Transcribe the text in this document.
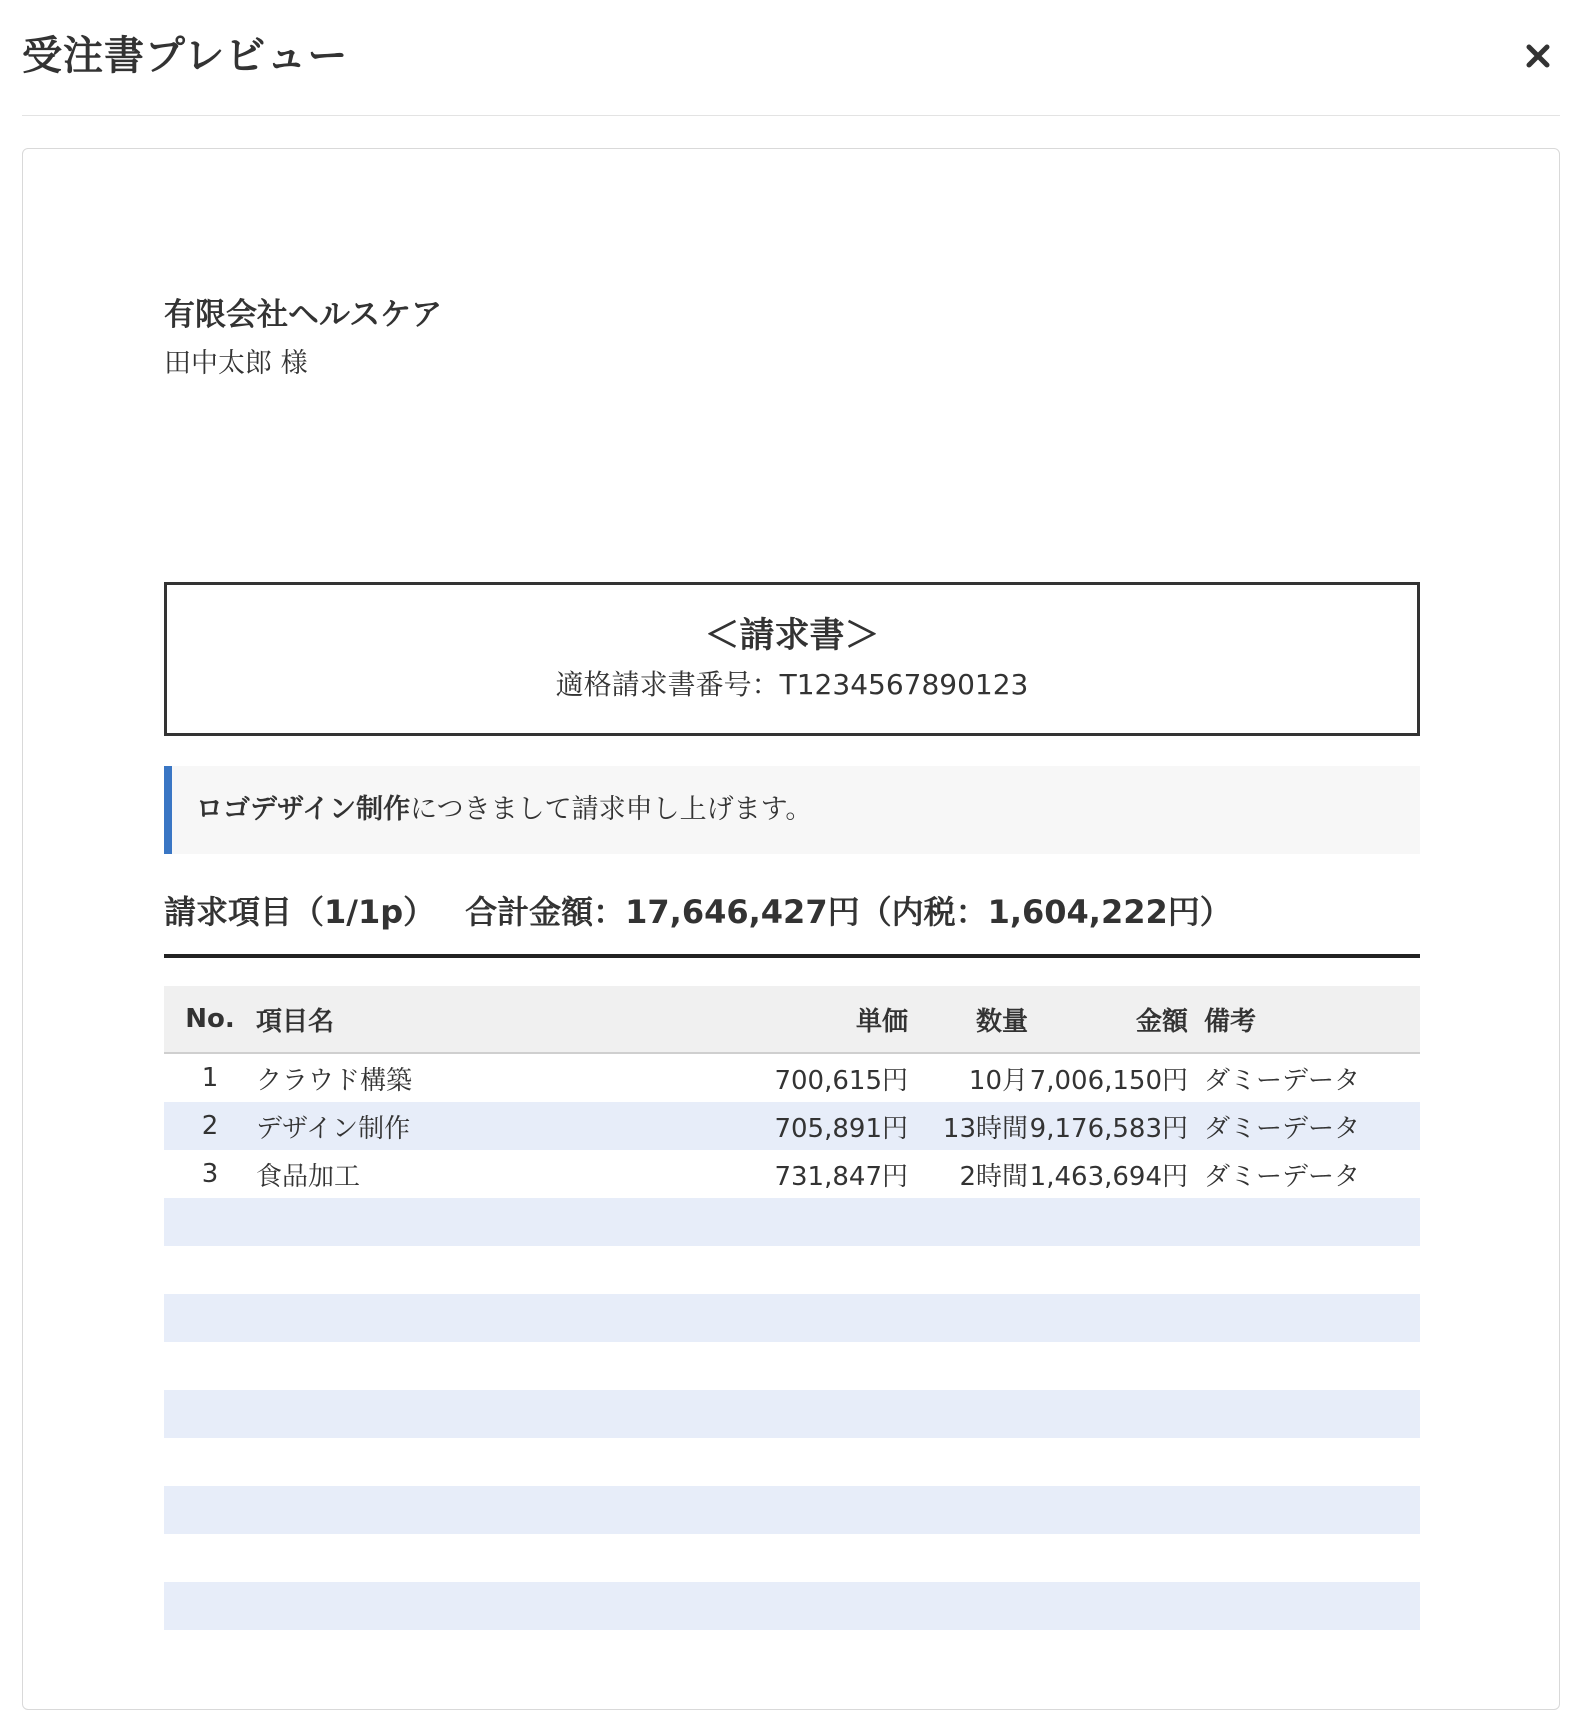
受注書プレビュー
有限会社ヘルスケア
田中太郎 様
＜請求書＞
適格請求書番号：T1234567890123
ロゴデザイン制作につきまして請求申し上げます。
請求項目（1/1p） 合計金額：17,646,427円（内税：1,604,222円）
No.	項目名	単価	数量	金額	備考
1	クラウド構築	700,615円	10月	7,006,150円	ダミーデータ
2	デザイン制作	705,891円	13時間	9,176,583円	ダミーデータ
3	食品加工	731,847円	2時間	1,463,694円	ダミーデータ
